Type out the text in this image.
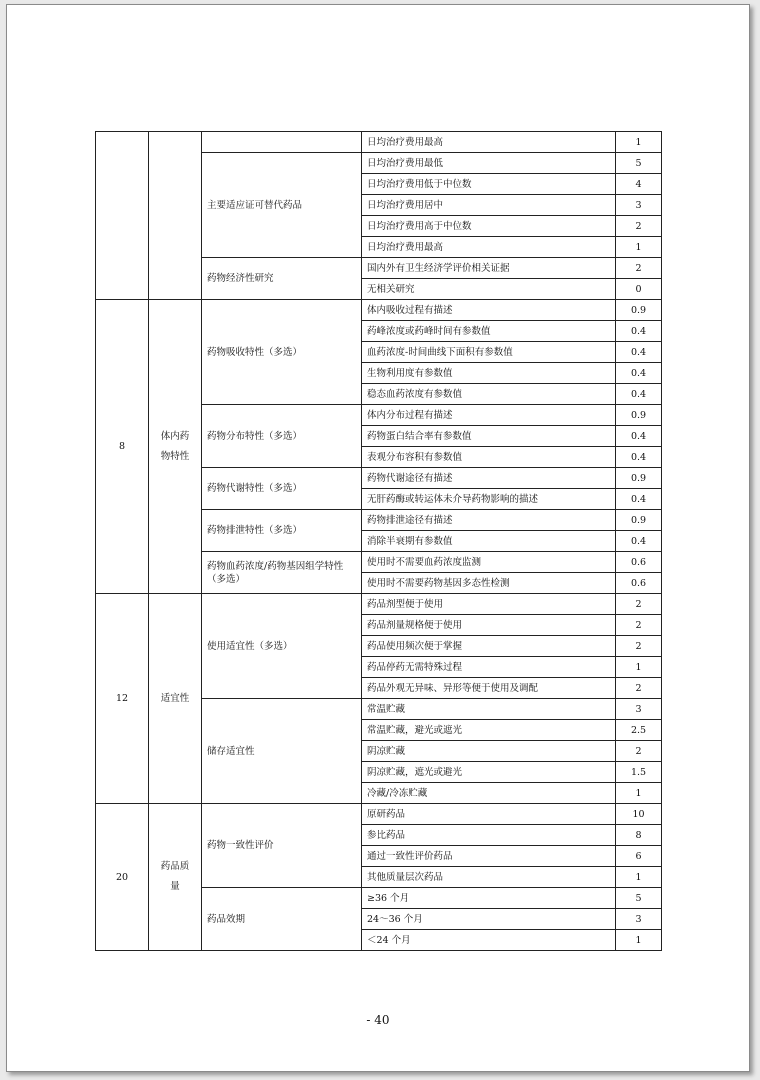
			日均治疗费用最高	1
		主要适应证可替代药品	日均治疗费用最低	5
			日均治疗费用低于中位数	4
			日均治疗费用居中	3
			日均治疗费用高于中位数	2
			日均治疗费用最高	1
		药物经济性研究	国内外有卫生经济学评价相关证据	2
			无相关研究	0
8	体内药物特性	药物吸收特性（多选）	体内吸收过程有描述	0.9
			药峰浓度或药峰时间有参数值	0.4
			血药浓度-时间曲线下面积有参数值	0.4
			生物利用度有参数值	0.4
			稳态血药浓度有参数值	0.4
		药物分布特性（多选）	体内分布过程有描述	0.9
			药物蛋白结合率有参数值	0.4
			表观分布容积有参数值	0.4
		药物代谢特性（多选）	药物代谢途径有描述	0.9
			无肝药酶或转运体未介导药物影响的描述	0.4
		药物排泄特性（多选）	药物排泄途径有描述	0.9
			消除半衰期有参数值	0.4
		药物血药浓度/药物基因组学特性（多选）	使用时不需要血药浓度监测	0.6
			使用时不需要药物基因多态性检测	0.6
12	适宜性	使用适宜性（多选）	药品剂型便于使用	2
			药品剂量规格便于使用	2
			药品使用频次便于掌握	2
			药品停药无需特殊过程	1
			药品外观无异味、异形等便于使用及调配	2
		储存适宜性	常温贮藏	3
			常温贮藏，避光或遮光	2.5
			阴凉贮藏	2
			阴凉贮藏，遮光或避光	1.5
			冷藏/冷冻贮藏	1
20	药品质量	药物一致性评价	原研药品	10
			参比药品	8
			通过一致性评价药品	6
			其他质量层次药品	1
		药品效期	≥36 个月	5
			24～36 个月	3
			＜24 个月	1
- 40
